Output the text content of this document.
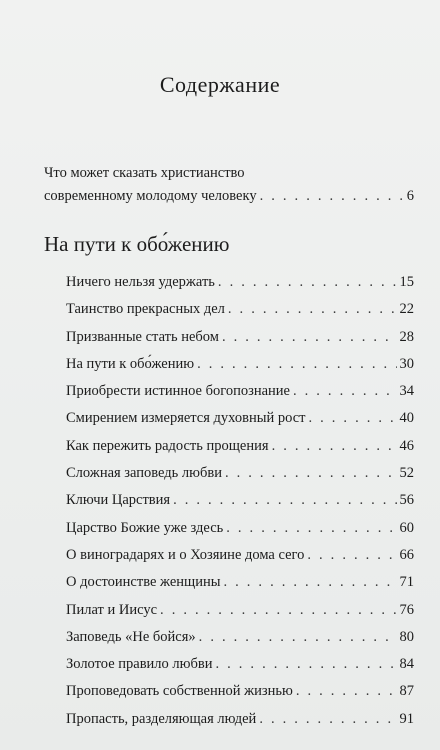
Содержание
Что может сказать христианство
современному молодому человеку . . .	6
На пути к обо́жению
Ничего нельзя удержать . . .	15
Таинство прекрасных дел . . .	22
Призванные стать небом . . .	28
На пути к обо́жению . . .	30
Приобрести истинное богопознание . . .	34
Смирением измеряется духовный рост . . .	40
Как пережить радость прощения . . .	46
Сложная заповедь любви . . .	52
Ключи Царствия . . .	56
Царство Божие уже здесь . . .	60
О виноградарях и о Хозяине дома сего . . .	66
О достоинстве женщины . . .	71
Пилат и Иисус . . .	76
Заповедь «Не бойся» . . .	80
Золотое правило любви . . .	84
Проповедовать собственной жизнью . . .	87
Пропасть, разделяющая людей . . .	91
